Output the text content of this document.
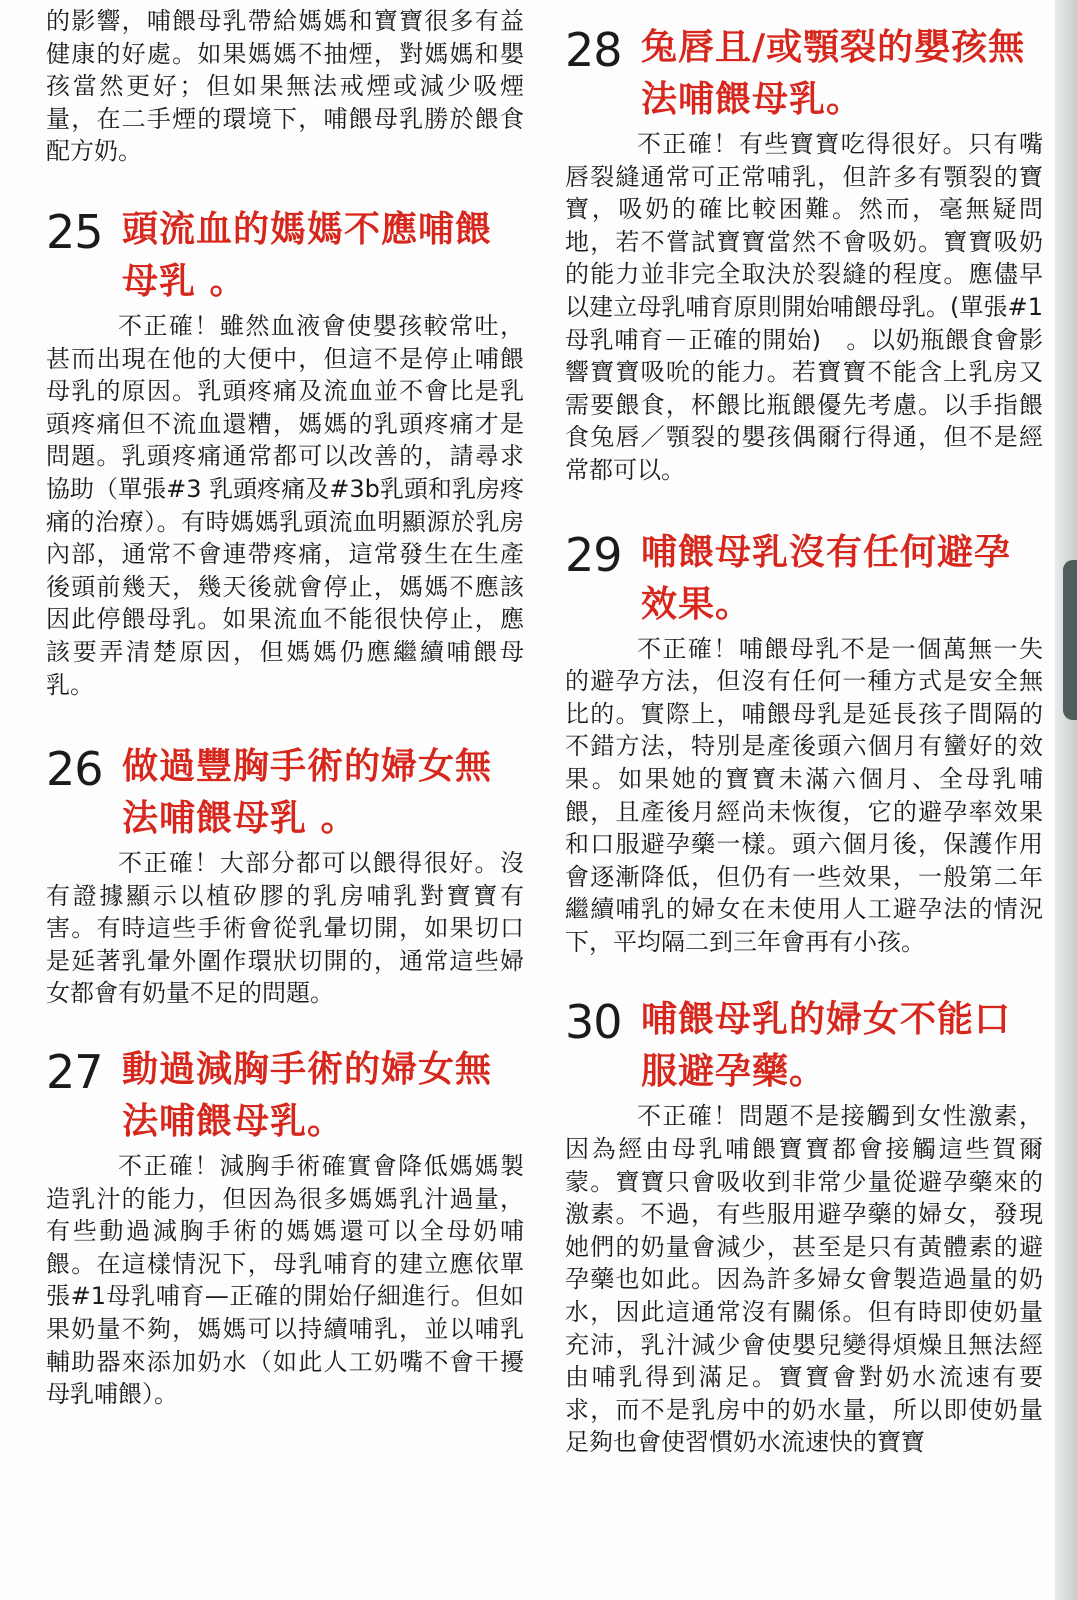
的影響，哺餵母乳帶給媽媽和寶寶很多有益健康的好處。如果媽媽不抽煙，對媽媽和嬰孩當然更好；但如果無法戒煙或減少吸煙量，在二手煙的環境下，哺餵母乳勝於餵食配方奶。

25 頭流血的媽媽不應哺餵母乳 。

不正確！雖然血液會使嬰孩較常吐，甚而出現在他的大便中，但這不是停止哺餵母乳的原因。乳頭疼痛及流血並不會比是乳頭疼痛但不流血還糟，媽媽的乳頭疼痛才是問題。乳頭疼痛通常都可以改善的，請尋求協助（單張#3 乳頭疼痛及#3b乳頭和乳房疼痛的治療）。有時媽媽乳頭流血明顯源於乳房內部，通常不會連帶疼痛，這常發生在生產後頭前幾天，幾天後就會停止，媽媽不應該因此停餵母乳。如果流血不能很快停止，應該要弄清楚原因，但媽媽仍應繼續哺餵母乳。

26 做過豐胸手術的婦女無法哺餵母乳 。

不正確！大部分都可以餵得很好。沒有證據顯示以植矽膠的乳房哺乳對寶寶有害。有時這些手術會從乳暈切開，如果切口是延著乳暈外圍作環狀切開的，通常這些婦女都會有奶量不足的問題。

27 動過減胸手術的婦女無法哺餵母乳。

不正確！減胸手術確實會降低媽媽製造乳汁的能力，但因為很多媽媽乳汁過量，有些動過減胸手術的媽媽還可以全母奶哺餵。在這樣情況下，母乳哺育的建立應依單張#1母乳哺育—正確的開始仔細進行。但如果奶量不夠，媽媽可以持續哺乳，並以哺乳輔助器來添加奶水（如此人工奶嘴不會干擾母乳哺餵）。

28 兔唇且/或顎裂的嬰孩無法哺餵母乳。

不正確！有些寶寶吃得很好。只有嘴唇裂縫通常可正常哺乳，但許多有顎裂的寶寶，吸奶的確比較困難。然而，毫無疑問地，若不嘗試寶寶當然不會吸奶。寶寶吸奶的能力並非完全取決於裂縫的程度。應儘早以建立母乳哺育原則開始哺餵母乳。(單張#1 母乳哺育－正確的開始)　。以奶瓶餵食會影響寶寶吸吮的能力。若寶寶不能含上乳房又需要餵食，杯餵比瓶餵優先考慮。以手指餵食兔唇／顎裂的嬰孩偶爾行得通，但不是經常都可以。

29 哺餵母乳沒有任何避孕效果。

不正確！哺餵母乳不是一個萬無一失的避孕方法，但沒有任何一種方式是安全無比的。實際上，哺餵母乳是延長孩子間隔的不錯方法，特別是產後頭六個月有蠻好的效果。如果她的寶寶未滿六個月、全母乳哺餵，且產後月經尚未恢復，它的避孕率效果和口服避孕藥一樣。頭六個月後，保護作用會逐漸降低，但仍有一些效果，一般第二年繼續哺乳的婦女在未使用人工避孕法的情況下，平均隔二到三年會再有小孩。

30 哺餵母乳的婦女不能口服避孕藥。

不正確！問題不是接觸到女性激素，因為經由母乳哺餵寶寶都會接觸這些賀爾蒙。寶寶只會吸收到非常少量從避孕藥來的激素。不過，有些服用避孕藥的婦女，發現她們的奶量會減少，甚至是只有黃體素的避孕藥也如此。因為許多婦女會製造過量的奶水，因此這通常沒有關係。但有時即使奶量充沛，乳汁減少會使嬰兒變得煩燥且無法經由哺乳得到滿足。寶寶會對奶水流速有要求，而不是乳房中的奶水量，所以即使奶量足夠也會使習慣奶水流速快的寶寶
